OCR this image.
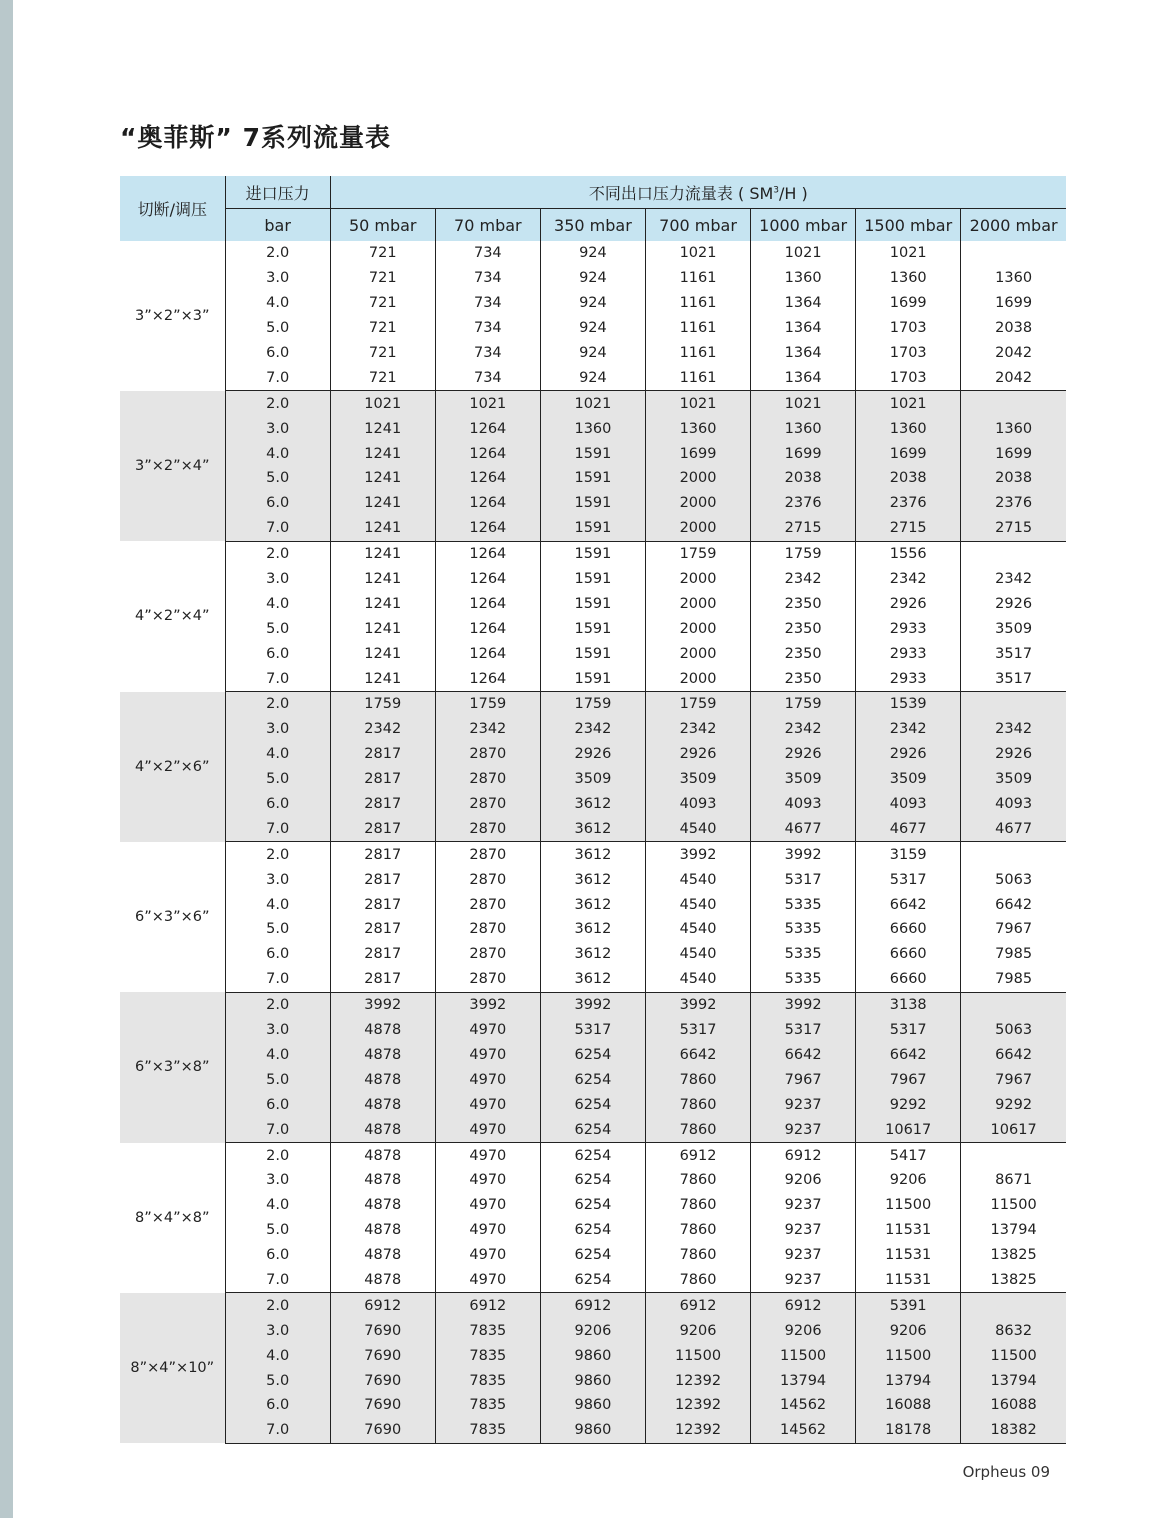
“奥菲斯” 7系列流量表
切断/调压	进口压力	不同出口压力流量表 ( $SM^3/H$ )						
	bar	50 mbar	70 mbar	350 mbar	700 mbar	1000 mbar	1500 mbar	2000 mbar
3”×2”×3”	2.0	721	734	924	1021	1021	1021	
	3.0	721	734	924	1161	1360	1360	1360
	4.0	721	734	924	1161	1364	1699	1699
	5.0	721	734	924	1161	1364	1703	2038
	6.0	721	734	924	1161	1364	1703	2042
	7.0	721	734	924	1161	1364	1703	2042
3”×2”×4”	2.0	1021	1021	1021	1021	1021	1021	
	3.0	1241	1264	1360	1360	1360	1360	1360
	4.0	1241	1264	1591	1699	1699	1699	1699
	5.0	1241	1264	1591	2000	2038	2038	2038
	6.0	1241	1264	1591	2000	2376	2376	2376
	7.0	1241	1264	1591	2000	2715	2715	2715
4”×2”×4”	2.0	1241	1264	1591	1759	1759	1556	
	3.0	1241	1264	1591	2000	2342	2342	2342
	4.0	1241	1264	1591	2000	2350	2926	2926
	5.0	1241	1264	1591	2000	2350	2933	3509
	6.0	1241	1264	1591	2000	2350	2933	3517
	7.0	1241	1264	1591	2000	2350	2933	3517
4”×2”×6”	2.0	1759	1759	1759	1759	1759	1539	
	3.0	2342	2342	2342	2342	2342	2342	2342
	4.0	2817	2870	2926	2926	2926	2926	2926
	5.0	2817	2870	3509	3509	3509	3509	3509
	6.0	2817	2870	3612	4093	4093	4093	4093
	7.0	2817	2870	3612	4540	4677	4677	4677
6”×3”×6”	2.0	2817	2870	3612	3992	3992	3159	
	3.0	2817	2870	3612	4540	5317	5317	5063
	4.0	2817	2870	3612	4540	5335	6642	6642
	5.0	2817	2870	3612	4540	5335	6660	7967
	6.0	2817	2870	3612	4540	5335	6660	7985
	7.0	2817	2870	3612	4540	5335	6660	7985
6”×3”×8”	2.0	3992	3992	3992	3992	3992	3138	
	3.0	4878	4970	5317	5317	5317	5317	5063
	4.0	4878	4970	6254	6642	6642	6642	6642
	5.0	4878	4970	6254	7860	7967	7967	7967
	6.0	4878	4970	6254	7860	9237	9292	9292
	7.0	4878	4970	6254	7860	9237	10617	10617
8”×4”×8”	2.0	4878	4970	6254	6912	6912	5417	
	3.0	4878	4970	6254	7860	9206	9206	8671
	4.0	4878	4970	6254	7860	9237	11500	11500
	5.0	4878	4970	6254	7860	9237	11531	13794
	6.0	4878	4970	6254	7860	9237	11531	13825
	7.0	4878	4970	6254	7860	9237	11531	13825
8”×4”×10”	2.0	6912	6912	6912	6912	6912	5391	
	3.0	7690	7835	9206	9206	9206	9206	8632
	4.0	7690	7835	9860	11500	11500	11500	11500
	5.0	7690	7835	9860	12392	13794	13794	13794
	6.0	7690	7835	9860	12392	14562	16088	16088
	7.0	7690	7835	9860	12392	14562	18178	18382
Orpheus 09
